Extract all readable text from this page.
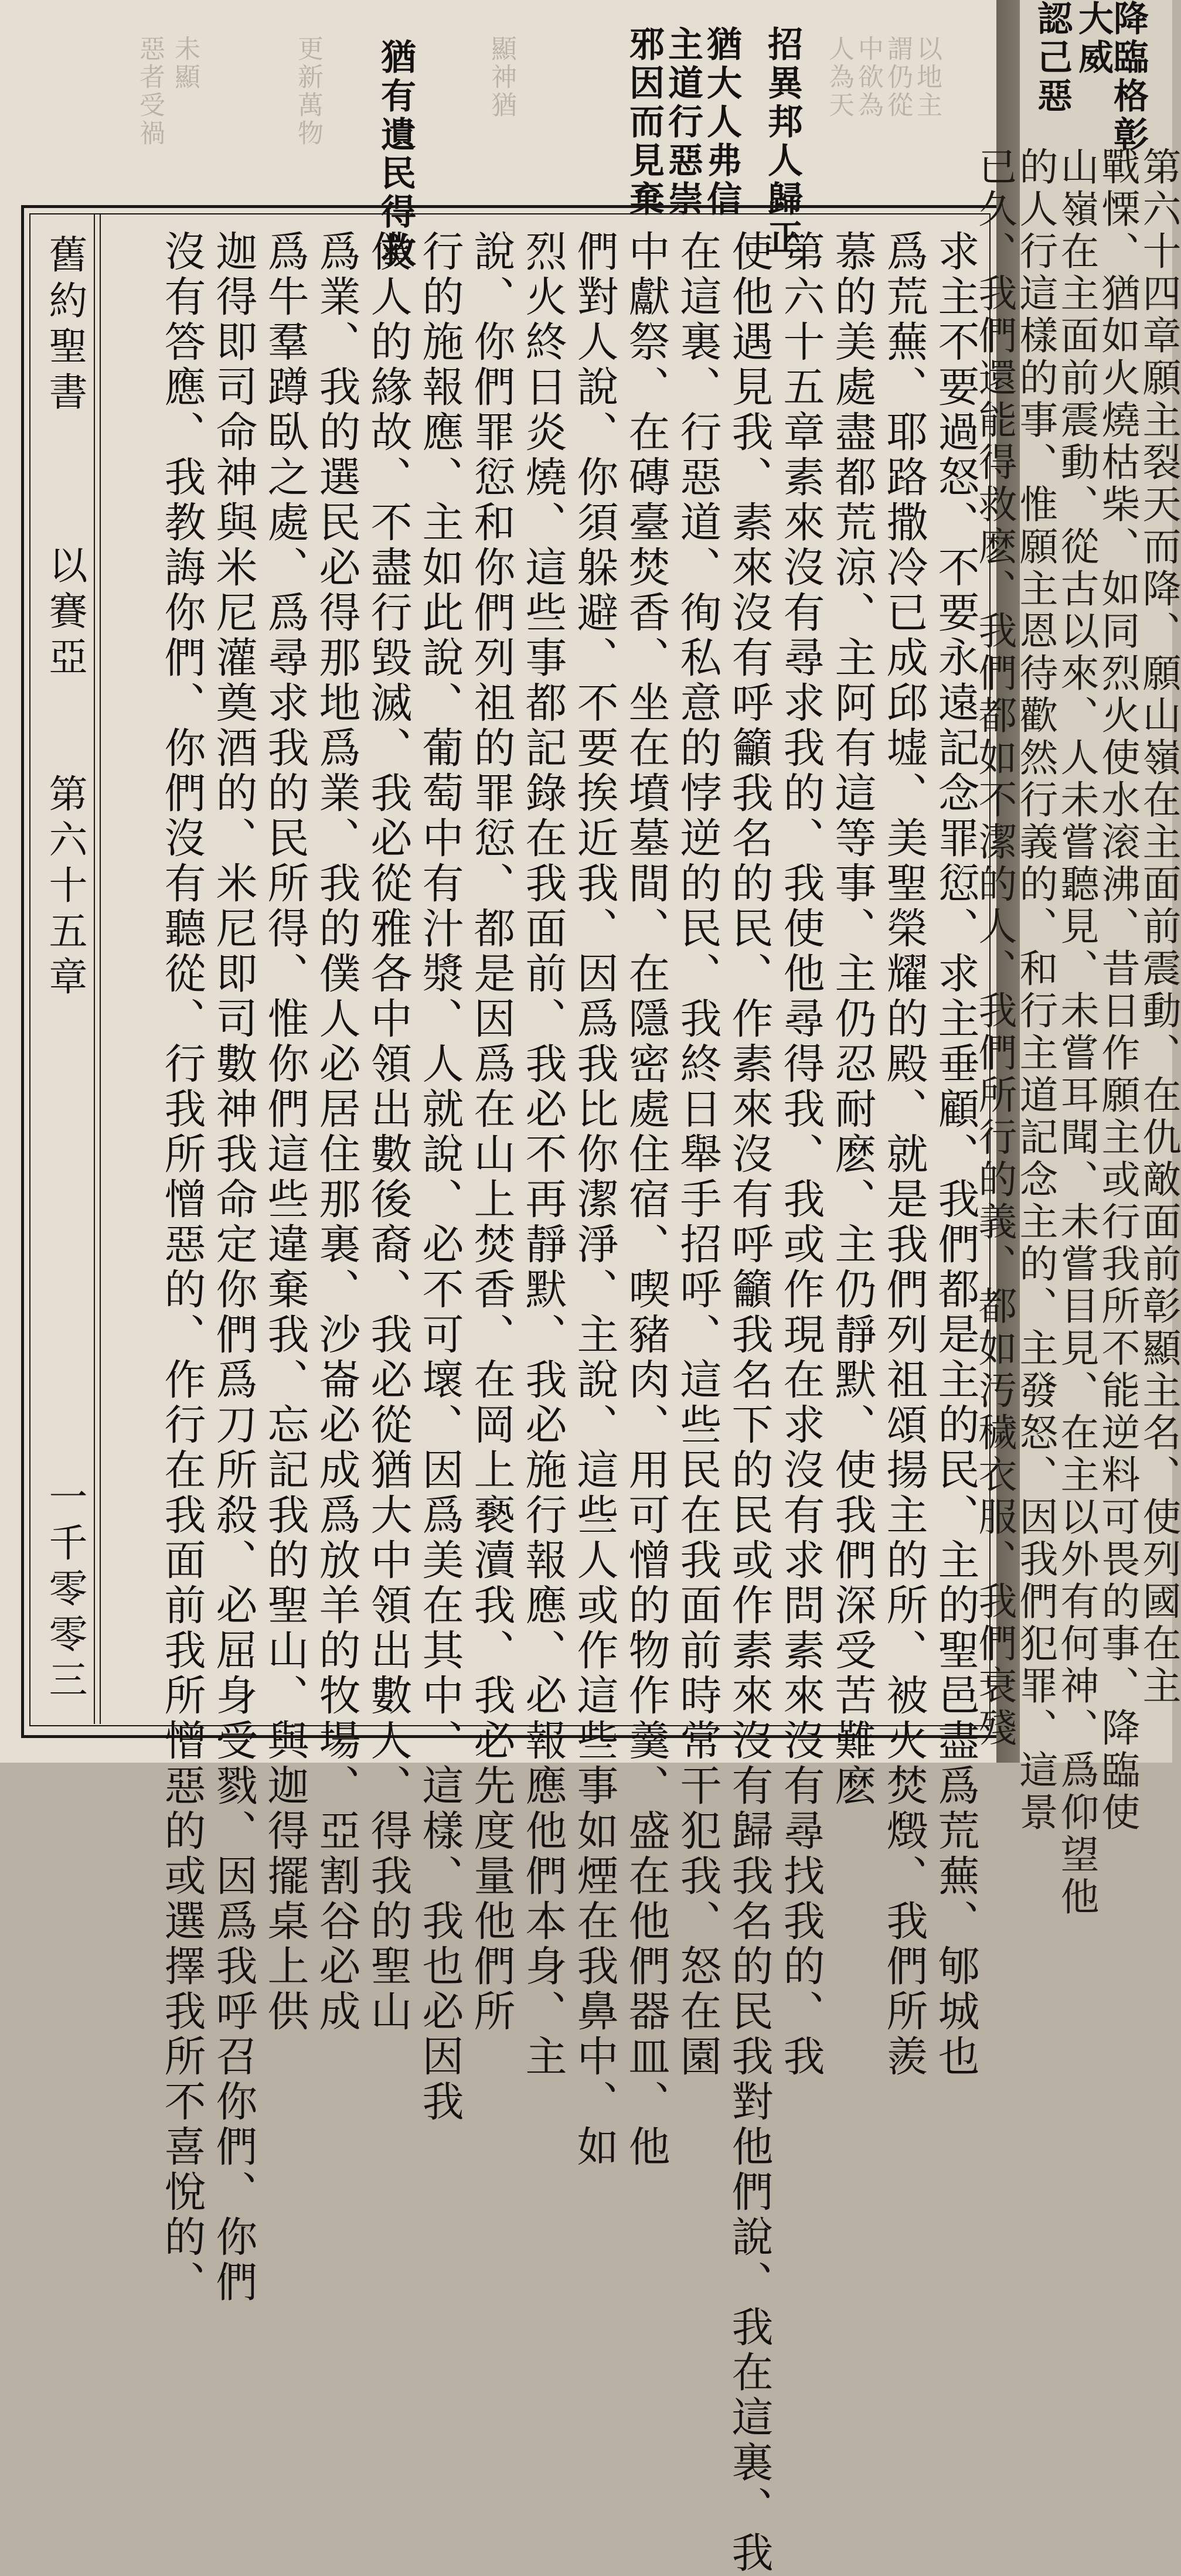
以地主
謂仍從
中欲為
人為天
招異邦人歸正
猶大人弗信
主道行惡崇
邪因而見棄
猶有遺民得救	顯神猶
更新萬物
未顯
惡者受禍
求主不要過怒、不要永遠記念罪愆、求主垂顧、我們都是主的民、主的聖邑盡爲荒蕪、郇城也
爲荒蕪、耶路撒冷已成邱墟、美聖榮耀的殿、就是我們列祖頌揚主的所、被火焚燬、我們所羨
慕的美處盡都荒涼、主阿有這等事、主仍忍耐麽、主仍靜默、使我們深受苦難麽
第六十五章素來沒有尋求我的、我使他尋得我、我或作現在求沒有求問素來沒有尋找我的、我
使他遇見我、素來沒有呼籲我名的民、作素來沒有呼籲我名下的民或作素來沒有歸我名的民我對他們說、我在這裏、我
在這裏、行惡道、徇私意的悖逆的民、我終日舉手招呼、這些民在我面前時常干犯我、怒在園
中獻祭、在磚臺焚香、坐在墳墓間、在隱密處住宿、喫豬肉、用可憎的物作羹、盛在他們器皿、他
們對人說、你須躲避、不要挨近我、因爲我比你潔淨、主說、這些人或作這些事如煙在我鼻中、如
烈火終日炎燒、這些事都記錄在我面前、我必不再靜默、我必施行報應、必報應他們本身、主
說、你們罪愆和你們列祖的罪愆、都是因爲在山上焚香、在岡上褻瀆我、我必先度量他們所
行的施報應、主如此說、葡萄中有汁漿、人就說、必不可壞、因爲美在其中、這樣、我也必因我
僕人的緣故、不盡行毀滅、我必從雅各中領出數後裔、我必從猶大中領出數人、得我的聖山
爲業、我的選民必得那地爲業、我的僕人必居住那裏、沙崙必成爲放羊的牧場、亞割谷必成
爲牛羣蹲臥之處、爲尋求我的民所得、惟你們這些違棄我、忘記我的聖山、與迦得擺桌上供
迦得即司命神與米尼灌奠酒的、米尼即司數神我命定你們爲刀所殺、必屈身受戮、因爲我呼召你們、你們
沒有答應、我教誨你們、你們沒有聽從、行我所憎惡的、作行在我面前我所憎惡的或選擇我所不喜悅的、
舊約聖書
以賽亞
第六十五章
一千零零三
降臨格彰
大威
認己惡
第六十四章願主裂天而降、願山嶺在主面前震動、在仇敵面前彰顯主名、使列國在主
戰慄、猶如火燒枯柴、如同烈火使水滚沸、昔日作願主或行我所不能逆料可畏的事、降臨使
山嶺在主面前震動、從古以來、人未嘗聽見、未嘗耳聞、未嘗目見、在主以外有何神、爲仰望他
的人行這樣的事、惟願主恩待歡然行義的、和行主道記念主的、主發怒、因我們犯罪、這景
已久、我們還能得救麽、我們都如不潔的人、我們所行的義、都如汚穢衣服、我們衰殘
